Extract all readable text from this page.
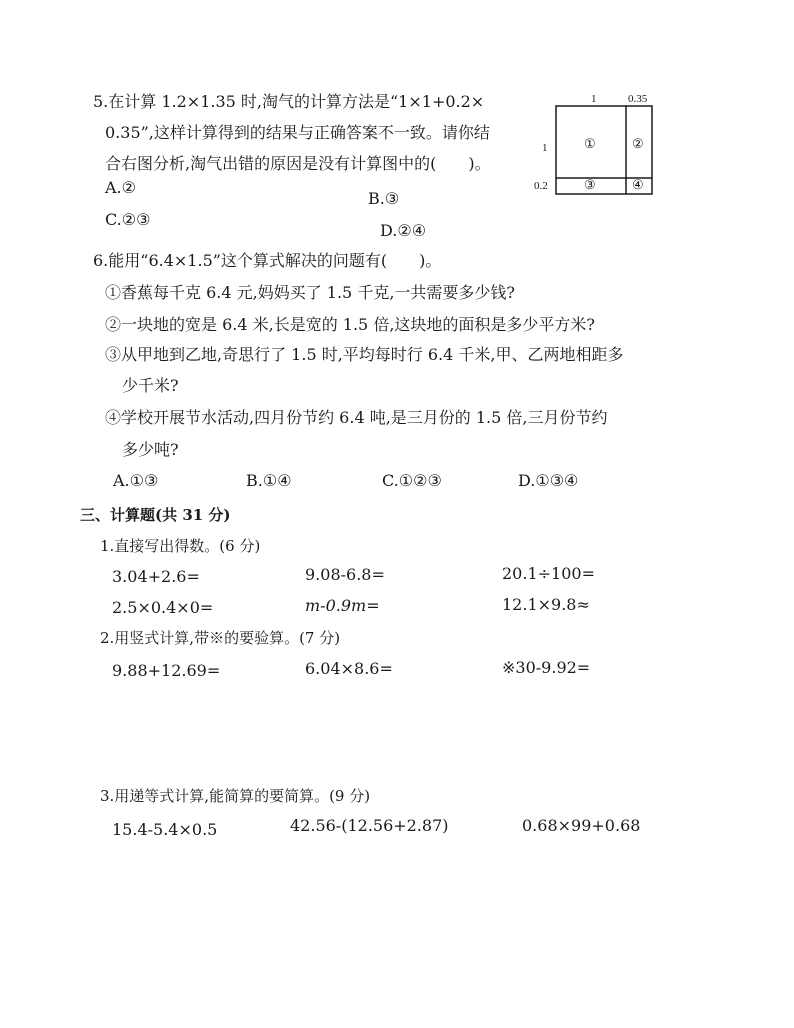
5.在计算 1.2×1.35 时,淘气的计算方法是“1×1+0.2×
0.35”,这样计算得到的结果与正确答案不一致。请你结
合右图分析,淘气出错的原因是没有计算图中的(　　)。
A.②
B.③
C.②③
D.②④
1	0.35
1
0.2
①	②
③	④
6.能用“6.4×1.5”这个算式解决的问题有(　　)。
①香蕉每千克 6.4 元,妈妈买了 1.5 千克,一共需要多少钱?
②一块地的宽是 6.4 米,长是宽的 1.5 倍,这块地的面积是多少平方米?
③从甲地到乙地,奇思行了 1.5 时,平均每时行 6.4 千米,甲、乙两地相距多
少千米?
④学校开展节水活动,四月份节约 6.4 吨,是三月份的 1.5 倍,三月份节约
多少吨?
A.①③	B.①④	C.①②③	D.①③④
三、计算题(共 31 分)
1.直接写出得数。(6 分)
3.04+2.6=	9.08-6.8=	20.1÷100=
2.5×0.4×0=	m-0.9m=	12.1×9.8≈
2.用竖式计算,带※的要验算。(7 分)
9.88+12.69=	6.04×8.6=	※30-9.92=
3.用递等式计算,能简算的要简算。(9 分)
15.4-5.4×0.5	42.56-(12.56+2.87)	0.68×99+0.68
